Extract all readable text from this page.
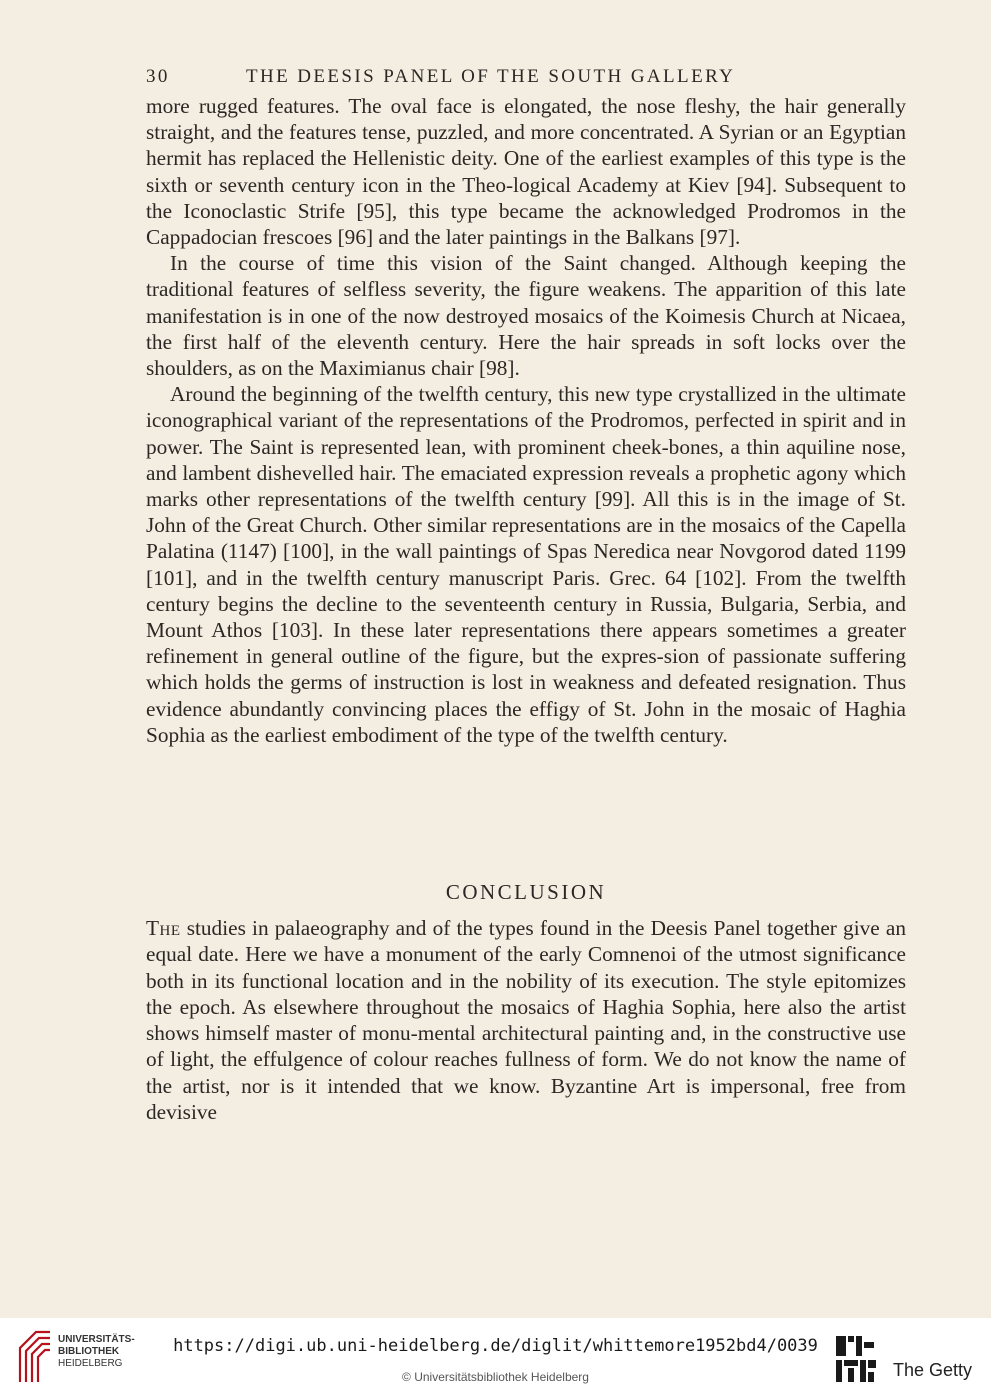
30	THE DEESIS PANEL OF THE SOUTH GALLERY

more rugged features. The oval face is elongated, the nose fleshy, the hair generally straight, and the features tense, puzzled, and more concentrated. A Syrian or an Egyptian hermit has replaced the Hellenistic deity. One of the earliest examples of this type is the sixth or seventh century icon in the Theo-logical Academy at Kiev [94]. Subsequent to the Iconoclastic Strife [95], this type became the acknowledged Prodromos in the Cappadocian frescoes [96] and the later paintings in the Balkans [97].

In the course of time this vision of the Saint changed. Although keeping the traditional features of selfless severity, the figure weakens. The apparition of this late manifestation is in one of the now destroyed mosaics of the Koimesis Church at Nicaea, the first half of the eleventh century. Here the hair spreads in soft locks over the shoulders, as on the Maximianus chair [98].

Around the beginning of the twelfth century, this new type crystallized in the ultimate iconographical variant of the representations of the Prodromos, perfected in spirit and in power. The Saint is represented lean, with prominent cheek-bones, a thin aquiline nose, and lambent dishevelled hair. The emaciated expression reveals a prophetic agony which marks other representations of the twelfth century [99]. All this is in the image of St. John of the Great Church. Other similar representations are in the mosaics of the Capella Palatina (1147) [100], in the wall paintings of Spas Neredica near Novgorod dated 1199 [101], and in the twelfth century manuscript Paris. Grec. 64 [102]. From the twelfth century begins the decline to the seventeenth century in Russia, Bulgaria, Serbia, and Mount Athos [103]. In these later representations there appears sometimes a greater refinement in general outline of the figure, but the expres-sion of passionate suffering which holds the germs of instruction is lost in weakness and defeated resignation. Thus evidence abundantly convincing places the effigy of St. John in the mosaic of Haghia Sophia as the earliest embodiment of the type of the twelfth century.

CONCLUSION

The studies in palaeography and of the types found in the Deesis Panel together give an equal date. Here we have a monument of the early Comnenoi of the utmost significance both in its functional location and in the nobility of its execution. The style epitomizes the epoch. As elsewhere throughout the mosaics of Haghia Sophia, here also the artist shows himself master of monu-mental architectural painting and, in the constructive use of light, the effulgence of colour reaches fullness of form. We do not know the name of the artist, nor is it intended that we know. Byzantine Art is impersonal, free from devisive

UNIVERSITÄTS-
BIBLIOTHEK
HEIDELBERG
https://digi.ub.uni-heidelberg.de/diglit/whittemore1952bd4/0039
© Universitätsbibliothek Heidelberg	The Getty
